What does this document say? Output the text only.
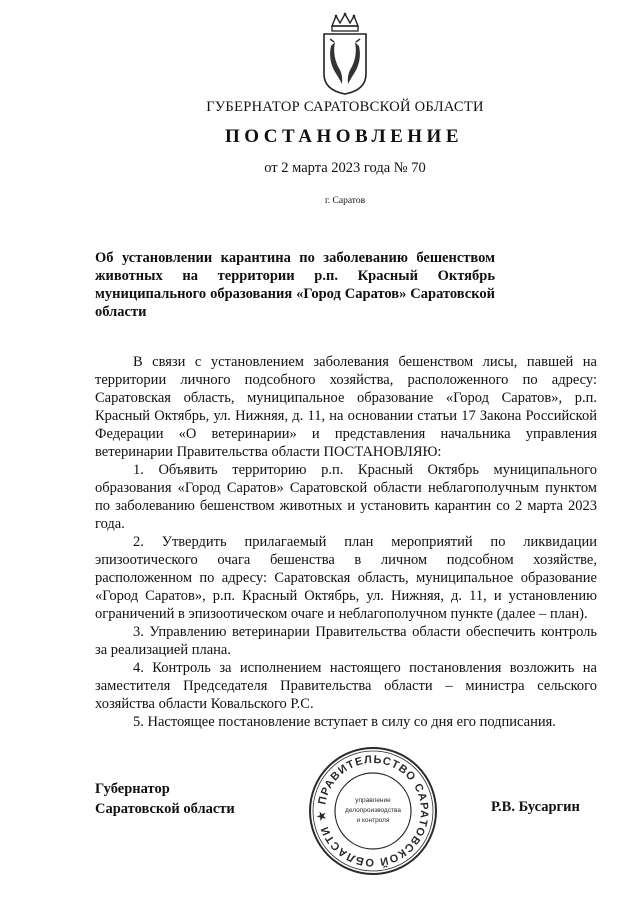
ГУБЕРНАТОР САРАТОВСКОЙ ОБЛАСТИ
ПОСТАНОВЛЕНИЕ
от 2 марта 2023 года № 70
г. Саратов
Об установлении карантина по заболеванию бешенством животных на территории р.п. Красный Октябрь муниципального образования «Город Саратов» Саратовской области

В связи с установлением заболевания бешенством лисы, павшей на территории личного подсобного хозяйства, расположенного по адресу: Саратовская область, муниципальное образование «Город Саратов», р.п. Красный Октябрь, ул. Нижняя, д. 11, на основании статьи 17 Закона Российской Федерации «О ветеринарии» и представления начальника управления ветеринарии Правительства области ПОСТАНОВЛЯЮ:

1. Объявить территорию р.п. Красный Октябрь муниципального образования «Город Саратов» Саратовской области неблагополучным пунктом по заболеванию бешенством животных и установить карантин со 2 марта 2023 года.

2. Утвердить прилагаемый план мероприятий по ликвидации эпизоотического очага бешенства в личном подсобном хозяйстве, расположенном по адресу: Саратовская область, муниципальное образование «Город Саратов», р.п. Красный Октябрь, ул. Нижняя, д. 11, и установлению ограничений в эпизоотическом очаге и неблагополучном пункте (далее – план).

3. Управлению ветеринарии Правительства области обеспечить контроль за реализацией плана.

4. Контроль за исполнением настоящего постановления возложить на заместителя Председателя Правительства области – министра сельского хозяйства области Ковальского Р.С.

5. Настоящее постановление вступает в силу со дня его подписания.

Губернатор
Саратовской области	Р.В. Бусаргин
ПРАВИТЕЛЬСТВО САРАТОВСКОЙ ОБЛАСТИ ★
управление
делопроизводства
и контроля
